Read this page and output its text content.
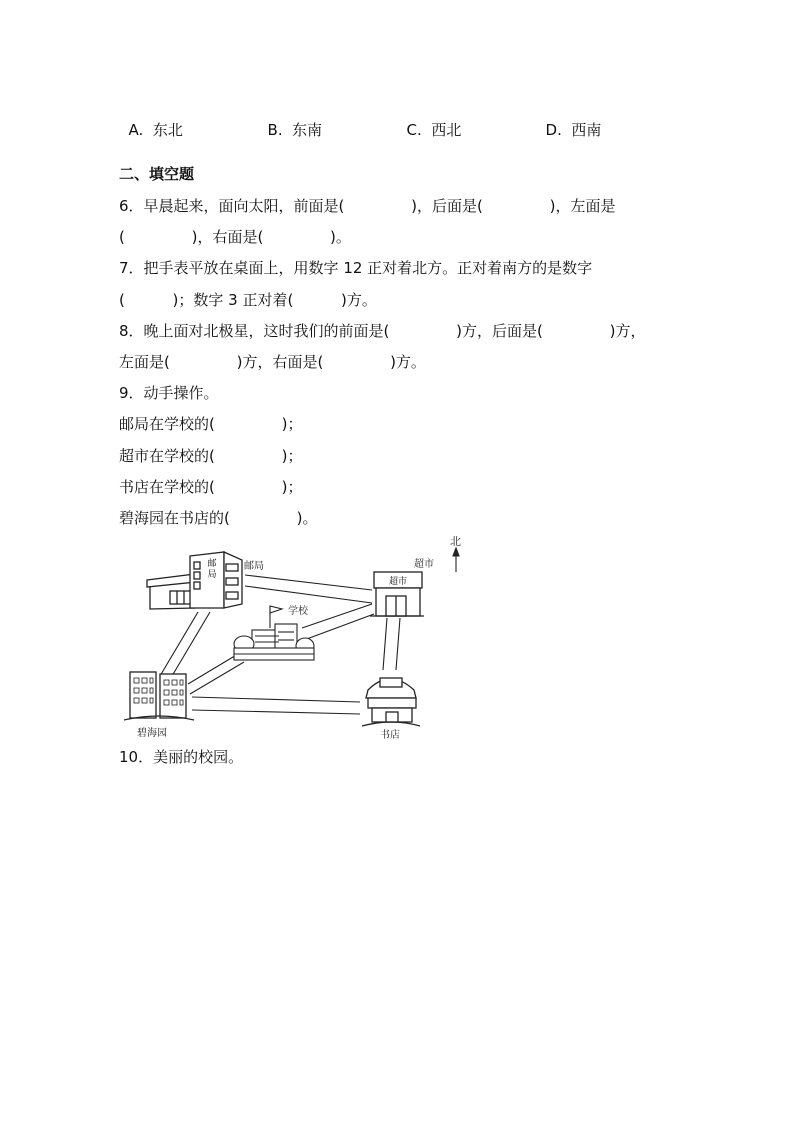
A. 东北	B. 东南	C. 西北	D. 西南

二、填空题
6．早晨起来，面向太阳，前面是(              )，后面是(              )，左面是
(              )，右面是(              )。
7．把手表平放在桌面上，用数字 12 正对着北方。正对着南方的是数字
(          )；数字 3 正对着(          )方。
8．晚上面对北极星，这时我们的前面是(              )方，后面是(              )方，
左面是(              )方，右面是(              )方。
9．动手操作。
邮局在学校的(              )；
超市在学校的(              )；
书店在学校的(              )；
碧海园在书店的(              )。
邮
局
邮局
学校
超市
超市
北
碧海园	书店
10．美丽的校园。
